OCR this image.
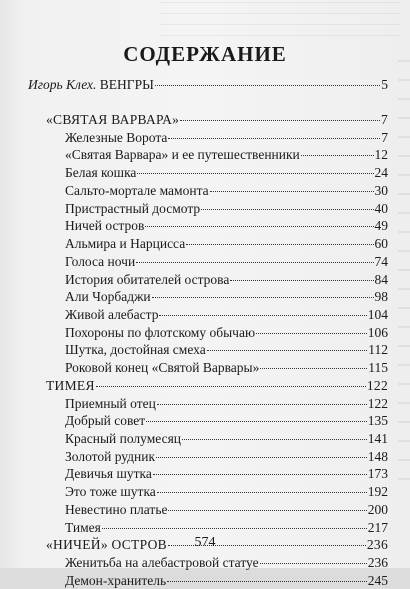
СОДЕРЖАНИЕ
Игорь Клех. ВЕНГРЫ	5
«СВЯТАЯ ВАРВАРА»	7
Железные Ворота	7
«Святая Варвара» и ее путешественники	12
Белая кошка	24
Сальто-мортале мамонта	30
Пристрастный досмотр	40
Ничей остров	49
Альмира и Нарцисса	60
Голоса ночи	74
История обитателей острова	84
Али Чорбаджи	98
Живой алебастр	104
Похороны по флотскому обычаю	106
Шутка, достойная смеха	112
Роковой конец «Святой Варвары»	115
ТИМЕЯ	122
Приемный отец	122
Добрый совет	135
Красный полумесяц	141
Золотой рудник	148
Девичья шутка	173
Это тоже шутка	192
Невестино платье	200
Тимея	217
«НИЧЕЙ» ОСТРОВ	236
Женитьба на алебастровой статуе	236
Демон-хранитель	245
574
